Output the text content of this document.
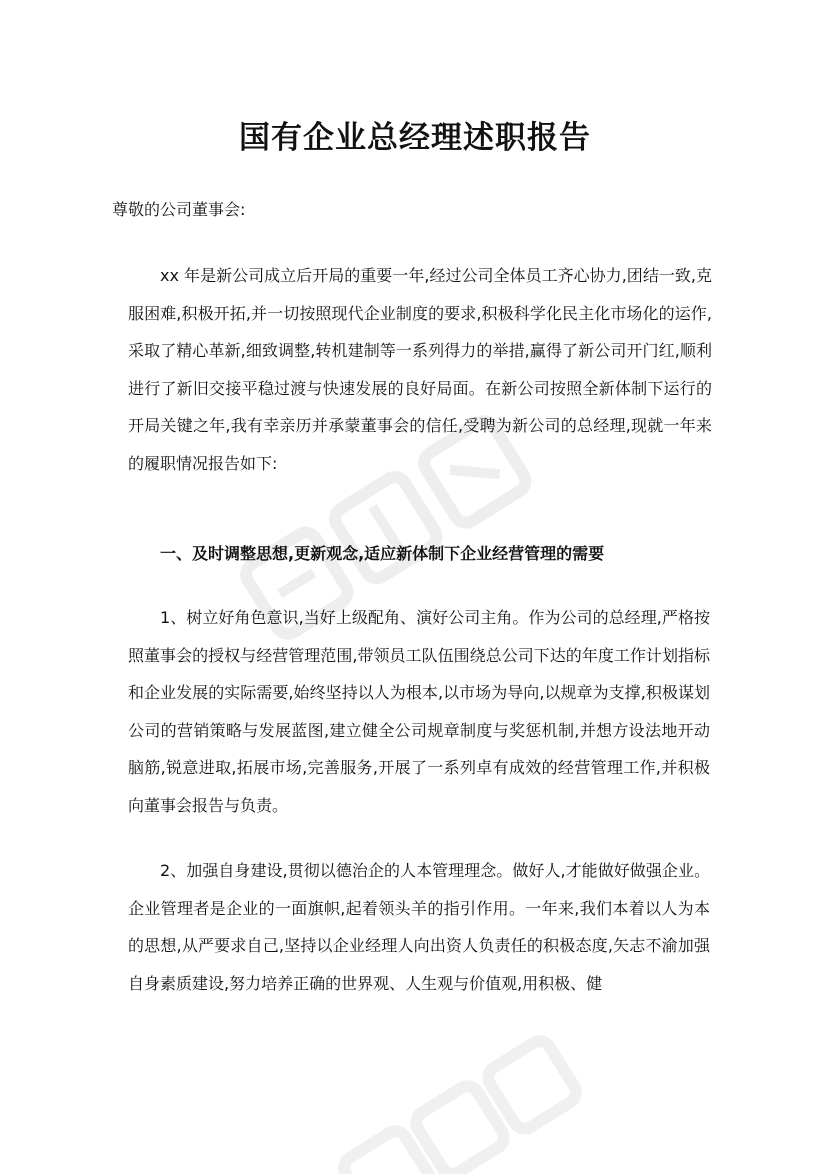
国有企业总经理述职报告

尊敬的公司董事会:

xx 年是新公司成立后开局的重要一年,经过公司全体员工齐心协力,团结一致,克服困难,积极开拓,并一切按照现代企业制度的要求,积极科学化民主化市场化的运作,采取了精心革新,细致调整,转机建制等一系列得力的举措,赢得了新公司开门红,顺利进行了新旧交接平稳过渡与快速发展的良好局面。在新公司按照全新体制下运行的开局关键之年,我有幸亲历并承蒙董事会的信任,受聘为新公司的总经理,现就一年来的履职情况报告如下:

一、及时调整思想,更新观念,适应新体制下企业经营管理的需要

1、树立好角色意识,当好上级配角、演好公司主角。作为公司的总经理,严格按照董事会的授权与经营管理范围,带领员工队伍围绕总公司下达的年度工作计划指标和企业发展的实际需要,始终坚持以人为根本,以市场为导向,以规章为支撑,积极谋划公司的营销策略与发展蓝图,建立健全公司规章制度与奖惩机制,并想方设法地开动脑筋,锐意进取,拓展市场,完善服务,开展了一系列卓有成效的经营管理工作,并积极向董事会报告与负责。

2、加强自身建设,贯彻以德治企的人本管理理念。做好人,才能做好做强企业。企业管理者是企业的一面旗帜,起着领头羊的指引作用。一年来,我们本着以人为本的思想,从严要求自己,坚持以企业经理人向出资人负责任的积极态度,矢志不渝加强自身素质建设,努力培养正确的世界观、人生观与价值观,用积极、健
